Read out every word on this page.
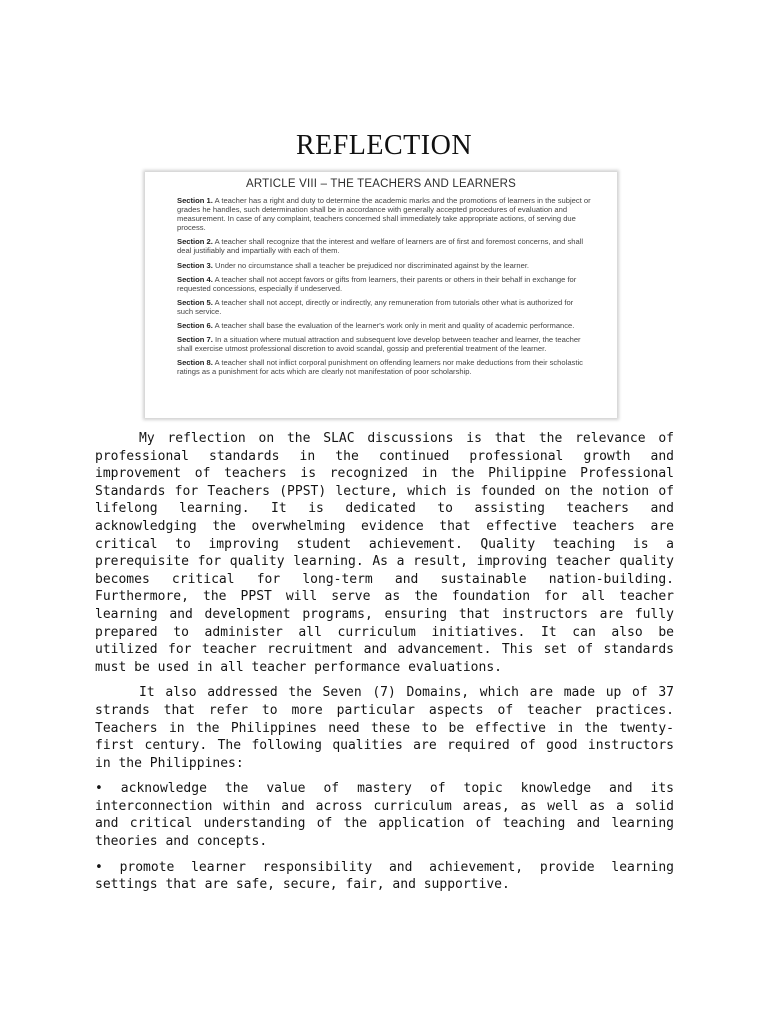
REFLECTION
ARTICLE VIII – THE TEACHERS AND LEARNERS
Section 1. A teacher has a right and duty to determine the academic marks and the promotions of learners in the subject or grades he handles, such determination shall be in accordance with generally accepted procedures of evaluation and measurement. In case of any complaint, teachers concerned shall immediately take appropriate actions, of serving due process.
Section 2. A teacher shall recognize that the interest and welfare of learners are of first and foremost concerns, and shall deal justifiably and impartially with each of them.
Section 3. Under no circumstance shall a teacher be prejudiced nor discriminated against by the learner.
Section 4. A teacher shall not accept favors or gifts from learners, their parents or others in their behalf in exchange for requested concessions, especially if undeserved.
Section 5. A teacher shall not accept, directly or indirectly, any remuneration from tutorials other what is authorized for such service.
Section 6. A teacher shall base the evaluation of the learner's work only in merit and quality of academic performance.
Section 7. In a situation where mutual attraction and subsequent love develop between teacher and learner, the teacher shall exercise utmost professional discretion to avoid scandal, gossip and preferential treatment of the learner.
Section 8. A teacher shall not inflict corporal punishment on offending learners nor make deductions from their scholastic ratings as a punishment for acts which are clearly not manifestation of poor scholarship.

My reflection on the SLAC discussions is that the relevance of professional standards in the continued professional growth and improvement of teachers is recognized in the Philippine Professional Standards for Teachers (PPST) lecture, which is founded on the notion of lifelong learning. It is dedicated to assisting teachers and acknowledging the overwhelming evidence that effective teachers are critical to improving student achievement. Quality teaching is a prerequisite for quality learning. As a result, improving teacher quality becomes critical for long-term and sustainable nation-building. Furthermore, the PPST will serve as the foundation for all teacher learning and development programs, ensuring that instructors are fully prepared to administer all curriculum initiatives. It can also be utilized for teacher recruitment and advancement. This set of standards must be used in all teacher performance evaluations.

It also addressed the Seven (7) Domains, which are made up of 37 strands that refer to more particular aspects of teacher practices. Teachers in the Philippines need these to be effective in the twenty-first century. The following qualities are required of good instructors in the Philippines:

• acknowledge the value of mastery of topic knowledge and its interconnection within and across curriculum areas, as well as a solid and critical understanding of the application of teaching and learning theories and concepts.

• promote learner responsibility and achievement, provide learning settings that are safe, secure, fair, and supportive.
